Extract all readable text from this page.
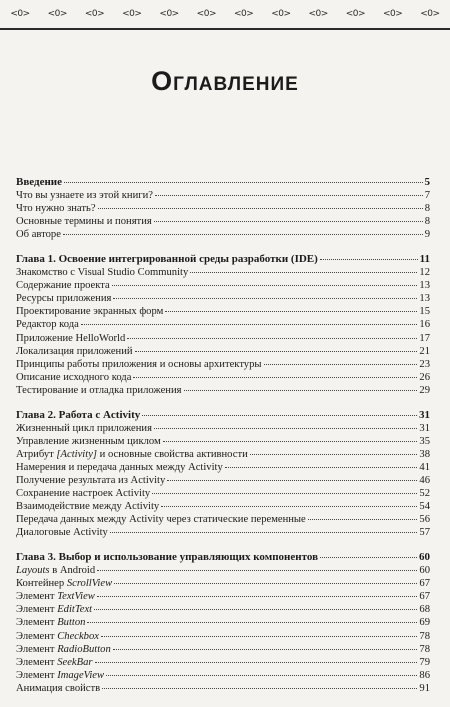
<0>	<0>	<0>	<0>	<0>	<0>	<0>	<0>	<0>	<0>	<0>	<0>
Оглавление
Введение	5
Что вы узнаете из этой книги?	7
Что нужно знать?	8
Основные термины и понятия	8
Об авторе	9
Глава 1. Освоение интегрированной среды разработки (IDE)	11
Знакомство с Visual Studio Community	12
Содержание проекта	13
Ресурсы приложения	13
Проектирование экранных форм	15
Редактор кода	16
Приложение HelloWorld	17
Локализация приложений	21
Принципы работы приложения и основы архитектуры	23
Описание исходного кода	26
Тестирование и отладка приложения	29
Глава 2. Работа с Activity	31
Жизненный цикл приложения	31
Управление жизненным циклом	35
Атрибут [Activity] и основные свойства активности	38
Намерения и передача данных между Activity	41
Получение результата из Activity	46
Сохранение настроек Activity	52
Взаимодействие между Activity	54
Передача данных между Activity через статические переменные	56
Диалоговые Activity	57
Глава 3. Выбор и использование управляющих компонентов	60
Layouts в Android	60
Контейнер ScrollView	67
Элемент TextView	67
Элемент EditText	68
Элемент Button	69
Элемент Checkbox	78
Элемент RadioButton	78
Элемент SeekBar	79
Элемент ImageView	86
Анимация свойств	91
